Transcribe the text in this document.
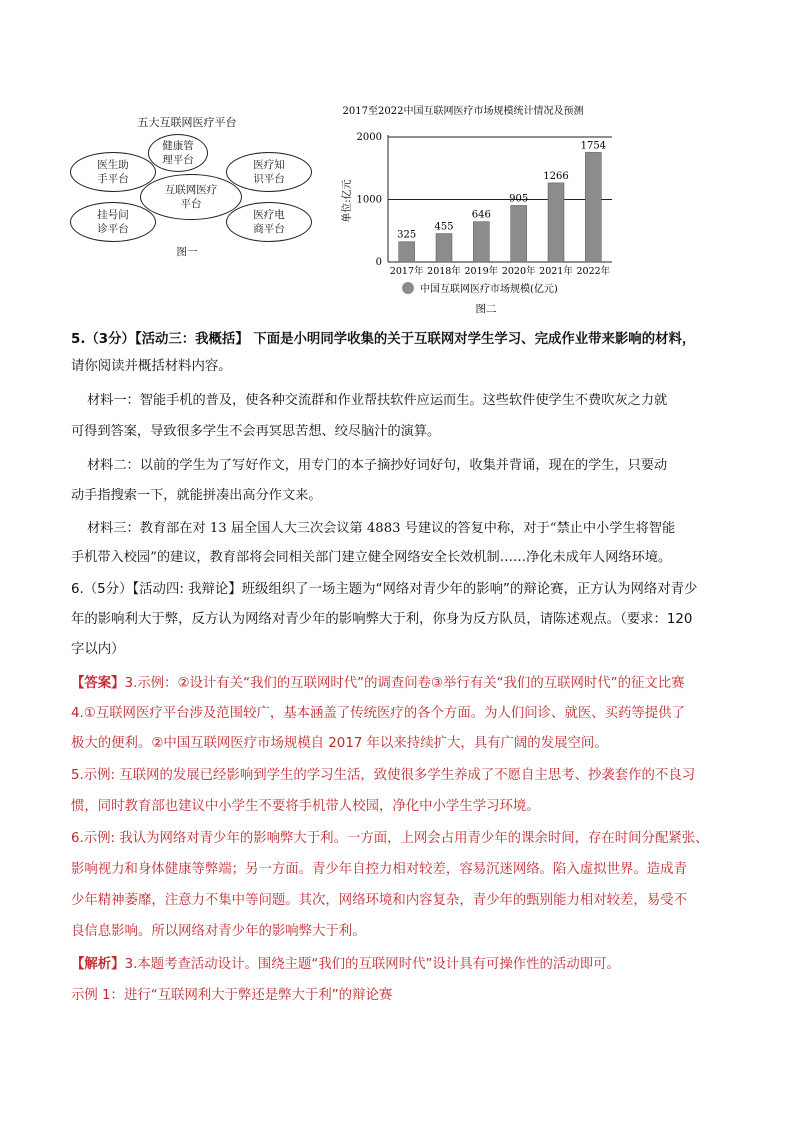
五大互联网医疗平台
健康管理平台
医生助手平台
医疗知识平台
互联网医疗平台
挂号问诊平台
医疗电商平台
图一
2017至2022中国互联网医疗市场规模统计情况及预测
单位:亿元
0
1000
2000
325
455
646
905
1266
1754
2017年 2018年 2019年 2020年 2021年 2022年
中国互联网医疗市场规模(亿元)
图二
5.（3分）【活动三：我概括】 下面是小明同学收集的关于互联网对学生学习、完成作业带来影响的材料，
请你阅读并概括材料内容。
材料一：智能手机的普及，使各种交流群和作业帮扶软件应运而生。这些软件使学生不费吹灰之力就
可得到答案，导致很多学生不会再冥思苦想、绞尽脑汁的演算。
材料二：以前的学生为了写好作文，用专门的本子摘抄好词好句，收集并背诵，现在的学生，只要动
动手指搜索一下，就能拼凑出高分作文来。
材料三：教育部在对 13 届全国人大三次会议第 4883 号建议的答复中称，对于“禁止中小学生将智能
手机带入校园”的建议，教育部将会同相关部门建立健全网络安全长效机制……净化未成年人网络环境。
6.（5分）【活动四: 我辩论】班级组织了一场主题为“网络对青少年的影响”的辩论赛，正方认为网络对青少
年的影响利大于弊，反方认为网络对青少年的影响弊大于利，你身为反方队员，请陈述观点。（要求：120
字以内）
【答案】3.示例：②设计有关“我们的互联网时代”的调查问卷③举行有关“我们的互联网时代”的征文比赛
4.①互联网医疗平台涉及范围较广，基本涵盖了传统医疗的各个方面。为人们问诊、就医、买药等提供了
极大的便利。②中国互联网医疗市场规模自 2017 年以来持续扩大，具有广阔的发展空间。
5.示例: 互联网的发展已经影响到学生的学习生活，致使很多学生养成了不愿自主思考、抄袭套作的不良习
惯，同时教育部也建议中小学生不要将手机带人校园，净化中小学生学习环境。
6.示例: 我认为网络对青少年的影响弊大于利。一方面，上网会占用青少年的课余时间，存在时间分配紧张、
影响视力和身体健康等弊端；另一方面。青少年自控力相对较差，容易沉迷网络。陷入虚拟世界。造成青
少年精神萎靡，注意力不集中等问题。其次，网络环境和内容复杂，青少年的甄别能力相对较差，易受不
良信息影响。所以网络对青少年的影响弊大于利。
【解析】3.本题考查活动设计。围绕主题“我们的互联网时代”设计具有可操作性的活动即可。
示例 1：进行“互联网利大于弊还是弊大于利”的辩论赛
